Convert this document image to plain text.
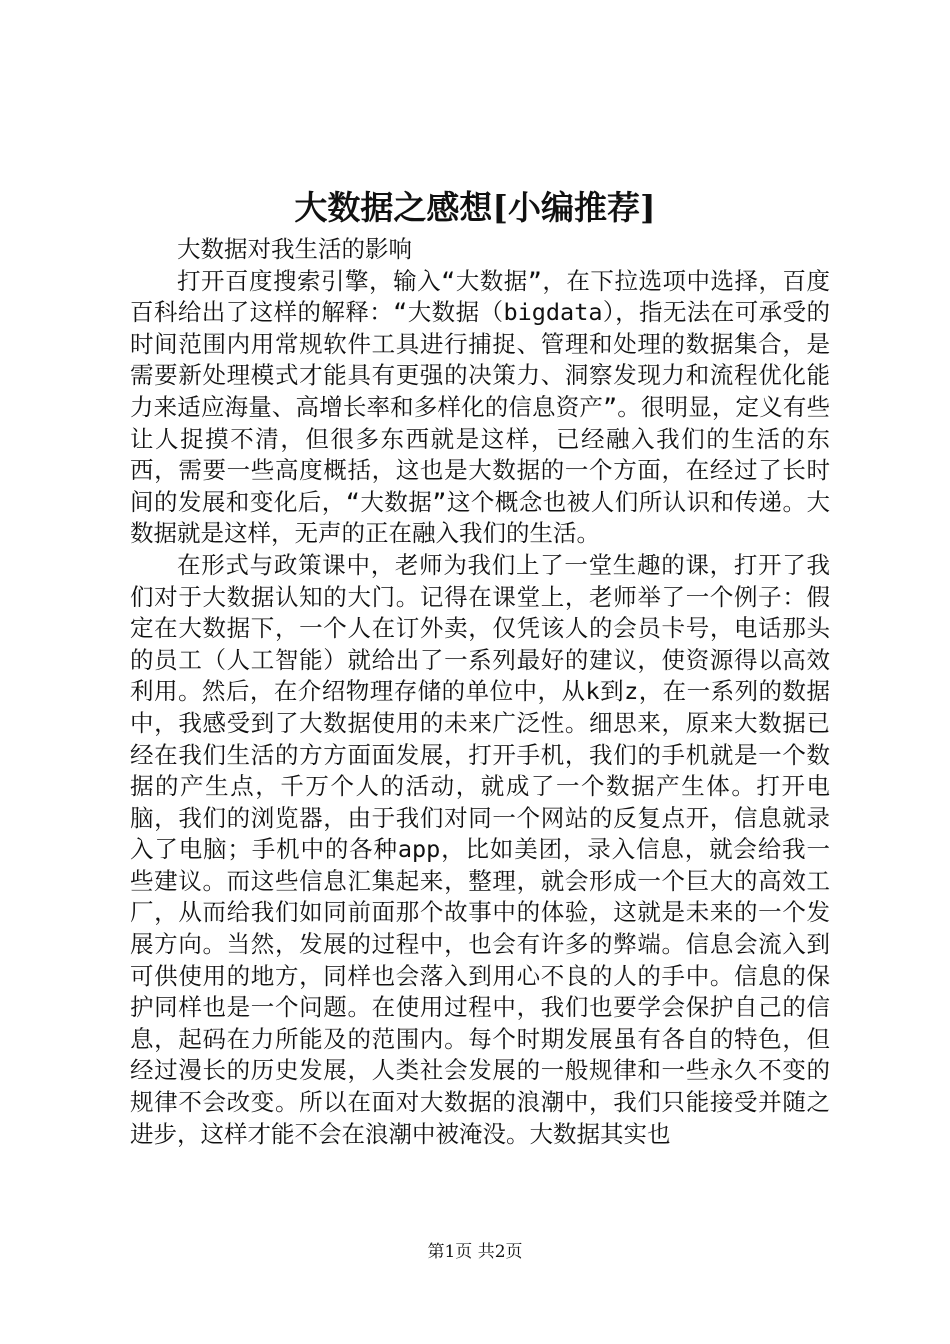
大数据之感想[小编推荐]

大数据对我生活的影响

打开百度搜索引擎，输入“大数据”，在下拉选项中选择，百度百科给出了这样的解释：“大数据（bigdata），指无法在可承受的时间范围内用常规软件工具进行捕捉、管理和处理的数据集合，是需要新处理模式才能具有更强的决策力、洞察发现力和流程优化能力来适应海量、高增长率和多样化的信息资产”。很明显，定义有些让人捉摸不清，但很多东西就是这样，已经融入我们的生活的东西，需要一些高度概括，这也是大数据的一个方面，在经过了长时间的发展和变化后，“大数据”这个概念也被人们所认识和传递。大数据就是这样，无声的正在融入我们的生活。

在形式与政策课中，老师为我们上了一堂生趣的课，打开了我们对于大数据认知的大门。记得在课堂上，老师举了一个例子：假定在大数据下，一个人在订外卖，仅凭该人的会员卡号，电话那头的员工（人工智能）就给出了一系列最好的建议，使资源得以高效利用。然后，在介绍物理存储的单位中，从k到z，在一系列的数据中，我感受到了大数据使用的未来广泛性。细思来，原来大数据已经在我们生活的方方面面发展，打开手机，我们的手机就是一个数据的产生点，千万个人的活动，就成了一个数据产生体。打开电脑，我们的浏览器，由于我们对同一个网站的反复点开，信息就录入了电脑；手机中的各种app，比如美团，录入信息，就会给我一些建议。而这些信息汇集起来，整理，就会形成一个巨大的高效工厂，从而给我们如同前面那个故事中的体验，这就是未来的一个发展方向。当然，发展的过程中，也会有许多的弊端。信息会流入到可供使用的地方，同样也会落入到用心不良的人的手中。信息的保护同样也是一个问题。在使用过程中，我们也要学会保护自己的信息，起码在力所能及的范围内。每个时期发展虽有各自的特色，但经过漫长的历史发展，人类社会发展的一般规律和一些永久不变的规律不会改变。所以在面对大数据的浪潮中，我们只能接受并随之进步，这样才能不会在浪潮中被淹没。大数据其实也

第1页 共2页
